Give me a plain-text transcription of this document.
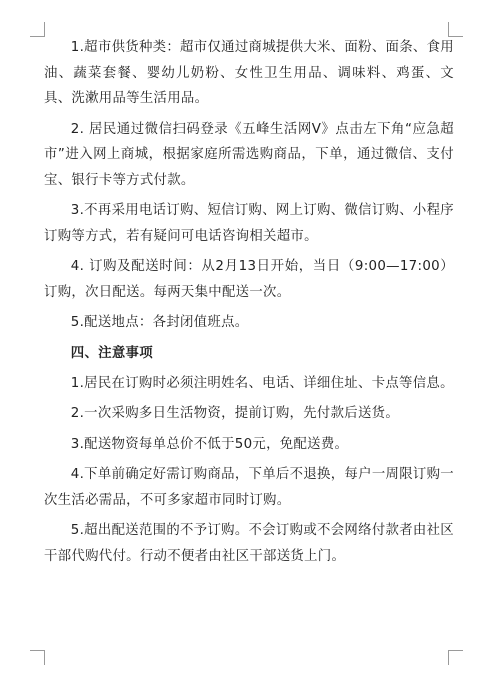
1.超市供货种类：超市仅通过商城提供大米、面粉、面条、食用油、蔬菜套餐、婴幼儿奶粉、女性卫生用品、调味料、鸡蛋、文具、洗漱用品等生活用品。

2. 居民通过微信扫码登录《五峰生活网V》点击左下角“应急超市”进入网上商城，根据家庭所需选购商品，下单，通过微信、支付宝、银行卡等方式付款。

3.不再采用电话订购、短信订购、网上订购、微信订购、小程序订购等方式，若有疑问可电话咨询相关超市。

4. 订购及配送时间：从2月13日开始，当日（9:00—17:00）订购，次日配送。每两天集中配送一次。

5.配送地点：各封闭值班点。

四、注意事项

1.居民在订购时必须注明姓名、电话、详细住址、卡点等信息。

2.一次采购多日生活物资，提前订购，先付款后送货。

3.配送物资每单总价不低于50元，免配送费。

4.下单前确定好需订购商品，下单后不退换，每户一周限订购一次生活必需品，不可多家超市同时订购。

5.超出配送范围的不予订购。不会订购或不会网络付款者由社区干部代购代付。行动不便者由社区干部送货上门。
